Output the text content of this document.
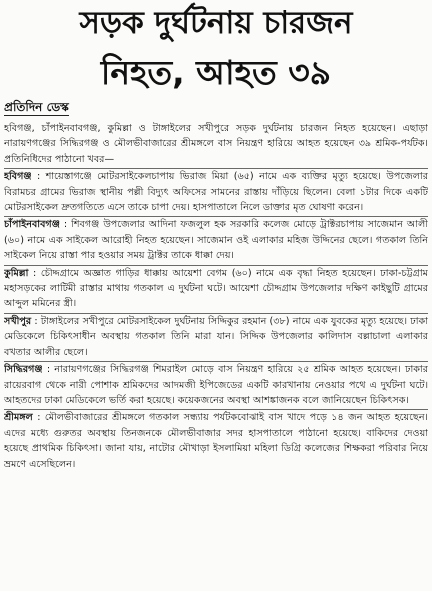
সড়ক দুর্ঘটনায় চারজন
নিহত, আহত ৩৯
প্রতিদিন ডেস্ক

হবিগঞ্জ, চাঁপাইনবাবগঞ্জ, কুমিল্লা ও টাঙ্গাইলের সখীপুরে সড়ক দুর্ঘটনায় চারজন নিহত হয়েছেন। এছাড়া নারায়ণগঞ্জের সিদ্ধিরগঞ্জ ও মৌলভীবাজারের শ্রীমঙ্গলে বাস নিয়ন্ত্রণ হারিয়ে আহত হয়েছেন ৩৯ শ্রমিক-পর্যটক। প্রতিনিধিদের পাঠানো খবর—

হবিগঞ্জ : শায়েস্তাগঞ্জে মোটরসাইকেলচাপায় ভিরাজ মিয়া (৬৫) নামে এক ব্যক্তির মৃত্যু হয়েছে। উপজেলার বিরামচর গ্রামের ভিরাজ স্থানীয় পল্লী বিদ্যুৎ অফিসের সামনের রাস্তায় দাঁড়িয়ে ছিলেন। বেলা ১টার দিকে একটি মোটরসাইকেল দ্রুতগতিতে এসে তাকে চাপা দেয়। হাসপাতালে নিলে ডাক্তার মৃত ঘোষণা করেন।

চাঁপাইনবাবগঞ্জ : শিবগঞ্জ উপজেলার আদিনা ফজলুল হক সরকারি কলেজ মোড়ে ট্রাক্টরচাপায় সাজেমান আলী (৬০) নামে এক সাইকেল আরোহী নিহত হয়েছেন। সাজেমান ওই এলাকার মহিজ উদ্দিনের ছেলে। গতকাল তিনি সাইকেল নিয়ে রাস্তা পার হওয়ার সময় ট্রাক্টর তাকে ধাক্কা দেয়।

কুমিল্লা : চৌদ্দগ্রামে অজ্ঞাত গাড়ির ধাক্কায় আয়েশা বেগম (৬০) নামে এক বৃদ্ধা নিহত হয়েছেন। ঢাকা-চট্টগ্রাম মহাসড়কের লাটিমী রাস্তার মাথায় গতকাল এ দুর্ঘটনা ঘটে। আয়েশা চৌদ্দগ্রাম উপজেলার দক্ষিণ কাইছুটি গ্রামের আব্দুল মমিনের স্ত্রী।

সখীপুর : টাঙ্গাইলের সখীপুরে মোটরসাইকেল দুর্ঘটনায় সিদ্দিকুর রহমান (৩৮) নামে এক যুবকের মৃত্যু হয়েছে। ঢাকা মেডিকেলে চিকিৎসাধীন অবস্থায় গতকাল তিনি মারা যান। সিদ্দিক উপজেলার কালিদাস বল্লাচালা এলাকার বখতার আলীর ছেলে।

সিদ্ধিরগঞ্জ : নারায়ণগঞ্জের সিদ্ধিরগঞ্জ শিমরাইল মোড়ে বাস নিয়ন্ত্রণ হারিয়ে ২৫ শ্রমিক আহত হয়েছেন। ঢাকার রায়েরবাগ থেকে নারী পোশাক শ্রমিকদের আদমজী ইপিজেডের একটি কারখানায় নেওয়ার পথে এ দুর্ঘটনা ঘটে। আহতদের ঢাকা মেডিকেলে ভর্তি করা হয়েছে। কয়েকজনের অবস্থা আশঙ্কাজনক বলে জানিয়েছেন চিকিৎসক।

শ্রীমঙ্গল : মৌলভীবাজারের শ্রীমঙ্গলে গতকাল সন্ধ্যায় পর্যটকবোঝাই বাস খাদে পড়ে ১৪ জন আহত হয়েছেন। এদের মধ্যে গুরুতর অবস্থায় তিনজনকে মৌলভীবাজার সদর হাসপাতালে পাঠানো হয়েছে। বাকিদের দেওয়া হয়েছে প্রাথমিক চিকিৎসা। জানা যায়, নাটোর মৌখাড়া ইসলামিয়া মহিলা ডিগ্রি কলেজের শিক্ষকরা পরিবার নিয়ে ভ্রমণে এসেছিলেন।
